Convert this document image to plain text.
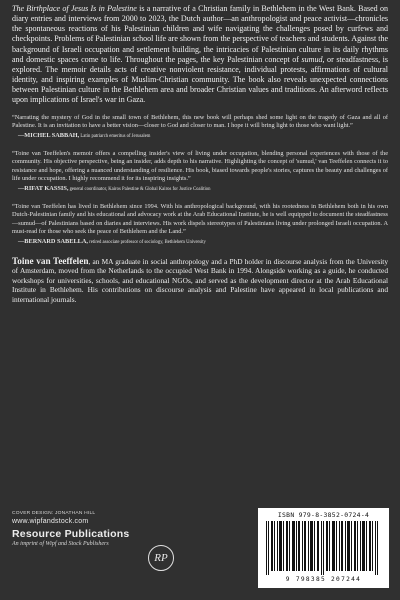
The Birthplace of Jesus Is in Palestine is a narrative of a Christian family in Bethlehem in the West Bank. Based on diary entries and interviews from 2000 to 2023, the Dutch author—an anthropologist and peace activist—chronicles the spontaneous reactions of his Palestinian children and wife navigating the challenges posed by curfews and checkpoints. Problems of Palestinian school life are shown from the perspective of teachers and students. Against the background of Israeli occupation and settlement building, the intricacies of Palestinian culture in its daily rhythms and domestic spaces come to life. Throughout the pages, the key Palestinian concept of sumud, or steadfastness, is explored. The memoir details acts of creative nonviolent resistance, individual protests, affirmations of cultural identity, and inspiring examples of Muslim-Christian community. The book also reveals unexpected connections between Palestinian culture in the Bethlehem area and broader Christian values and traditions. An afterword reflects upon implications of Israel's war in Gaza.

“Narrating the mystery of God in the small town of Bethlehem, this new book will perhaps shed some light on the tragedy of Gaza and all of Palestine. It is an invitation to have a better vision—closer to God and closer to man. I hope it will bring light to those who want light.”

—MICHEL SABBAH, Latin patriarch emeritus of Jerusalem

“Toine van Teeffelen's memoir offers a compelling insider's view of living under occupation, blending personal experiences with those of the community. His objective perspective, being an insider, adds depth to his narrative. Highlighting the concept of 'sumud,' van Teeffelen connects it to resistance and hope, offering a nuanced understanding of resilience. His book, biased towards people's stories, captures the beauty and challenges of life under occupation. I highly recommend it for its inspiring insights.”

—RIFAT KASSIS, general coordinator, Kairos Palestine & Global Kairos for Justice Coalition

“Toine van Teeffelen has lived in Bethlehem since 1994. With his anthropological background, with his rootedness in Bethlehem both in his own Dutch-Palestinian family and his educational and advocacy work at the Arab Educational Institute, he is well equipped to document the steadfastness—sumud—of Palestinians based on diaries and interviews. His work dispels stereotypes of Palestinians living under prolonged Israeli occupation. A must-read for those who seek the peace of Bethlehem and the Land.”

—BERNARD SABELLA, retired associate professor of sociology, Bethlehem University

Toine van Teeffelen, an MA graduate in social anthropology and a PhD holder in discourse analysis from the University of Amsterdam, moved from the Netherlands to the occupied West Bank in 1994. Alongside working as a guide, he conducted workshops for universities, schools, and educational NGOs, and served as the development director at the Arab Educational Institute in Bethlehem. His contributions on discourse analysis and Palestine have appeared in local publications and international journals.

COVER DESIGN: JONATHAN HILL
www.wipfandstock.com
Resource Publications
An imprint of Wipf and Stock Publishers
RP
ISBN 979-8-3852-0724-4
9 798385 207244
